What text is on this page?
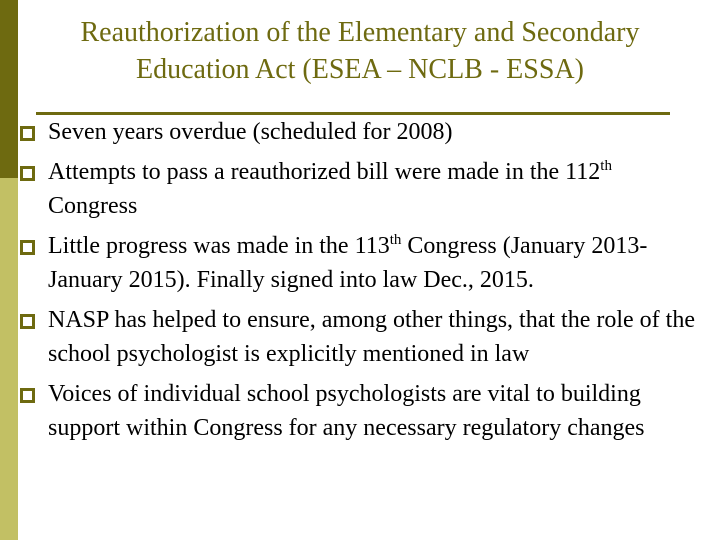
Reauthorization of the Elementary and Secondary
Education Act (ESEA – NCLB - ESSA)
Seven years overdue (scheduled for 2008)
Attempts to pass a reauthorized bill were made in the 112th Congress
Little progress was made in the 113th Congress (January 2013-January 2015). Finally signed into law Dec., 2015.
NASP has helped to ensure, among other things, that the role of the school psychologist is explicitly mentioned in law
Voices of individual school psychologists are vital to building support within Congress for any necessary regulatory changes
